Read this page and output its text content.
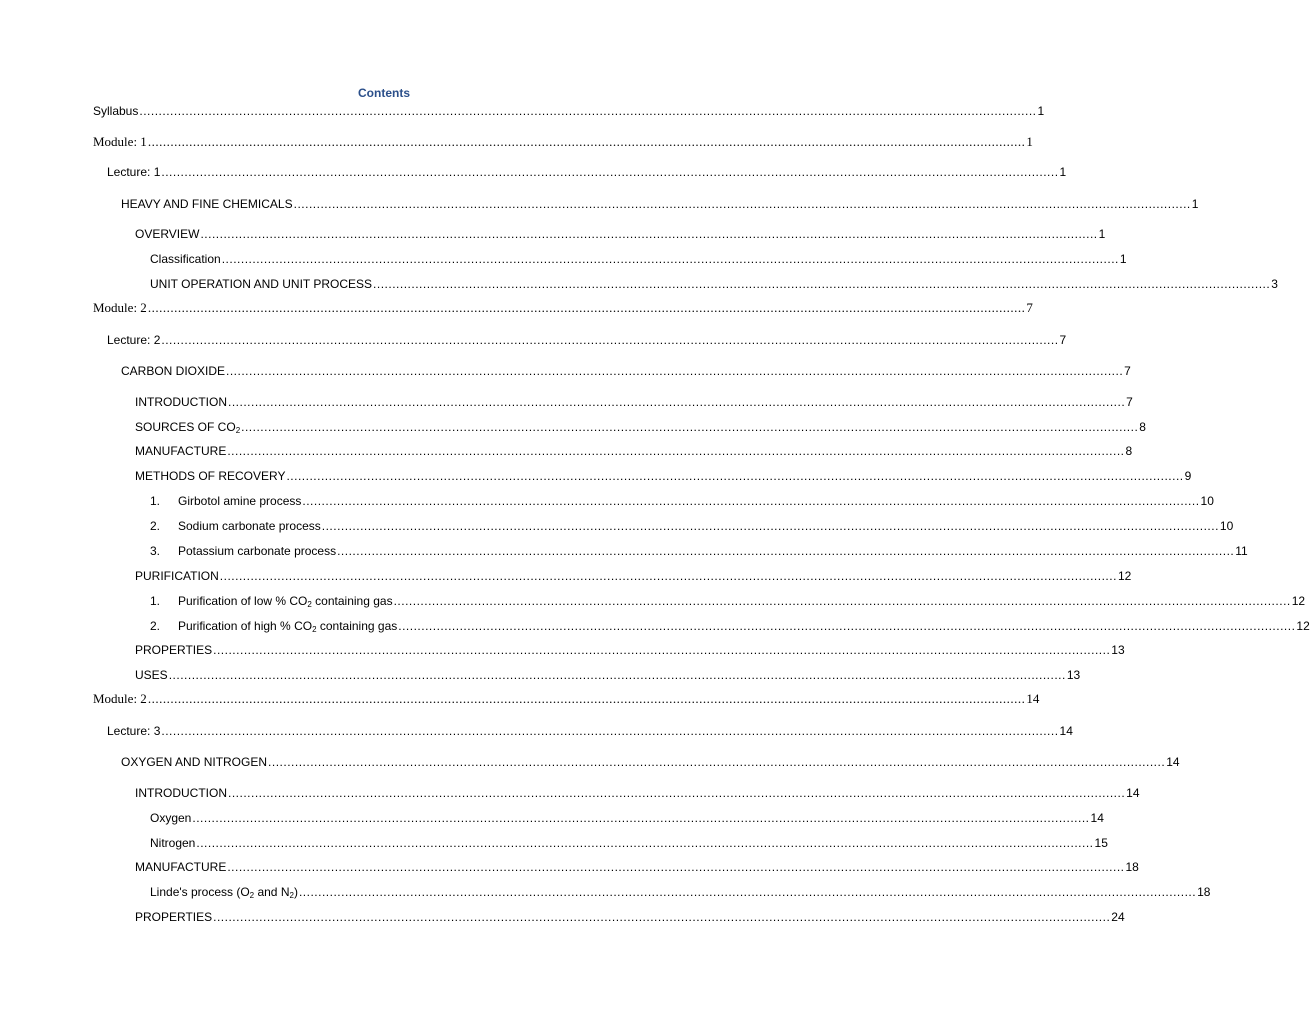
Contents
Syllabus .......................................................................................................................................................................................................................................... 1
Module: 1 .......................................................................................................................................................................................................................................... 1
Lecture: 1 .......................................................................................................................................................................................................................................... 1
HEAVY AND FINE CHEMICALS .......................................................................................................................................................................................................................................... 1
OVERVIEW .......................................................................................................................................................................................................................................... 1
Classification .......................................................................................................................................................................................................................................... 1
UNIT OPERATION AND UNIT PROCESS .......................................................................................................................................................................................................................................... 3
Module: 2 .......................................................................................................................................................................................................................................... 7
Lecture: 2 .......................................................................................................................................................................................................................................... 7
CARBON DIOXIDE .......................................................................................................................................................................................................................................... 7
INTRODUCTION .......................................................................................................................................................................................................................................... 7
SOURCES OF $CO_2$ .......................................................................................................................................................................................................................................... 8
MANUFACTURE .......................................................................................................................................................................................................................................... 8
METHODS OF RECOVERY .......................................................................................................................................................................................................................................... 9
1. Girbotol amine process .......................................................................................................................................................................................................................................... 10
2. Sodium carbonate process .......................................................................................................................................................................................................................................... 10
3. Potassium carbonate process .......................................................................................................................................................................................................................................... 11
PURIFICATION .......................................................................................................................................................................................................................................... 12
1. Purification of low % $CO_2$ containing gas .......................................................................................................................................................................................................................................... 12
2. Purification of high % $CO_2$ containing gas .......................................................................................................................................................................................................................................... 12
PROPERTIES .......................................................................................................................................................................................................................................... 13
USES .......................................................................................................................................................................................................................................... 13
Module: 2 .......................................................................................................................................................................................................................................... 14
Lecture: 3 .......................................................................................................................................................................................................................................... 14
OXYGEN AND NITROGEN .......................................................................................................................................................................................................................................... 14
INTRODUCTION .......................................................................................................................................................................................................................................... 14
Oxygen .......................................................................................................................................................................................................................................... 14
Nitrogen .......................................................................................................................................................................................................................................... 15
MANUFACTURE .......................................................................................................................................................................................................................................... 18
Linde's process ($O_2$ and $N_2$) .......................................................................................................................................................................................................................................... 18
PROPERTIES .......................................................................................................................................................................................................................................... 24
